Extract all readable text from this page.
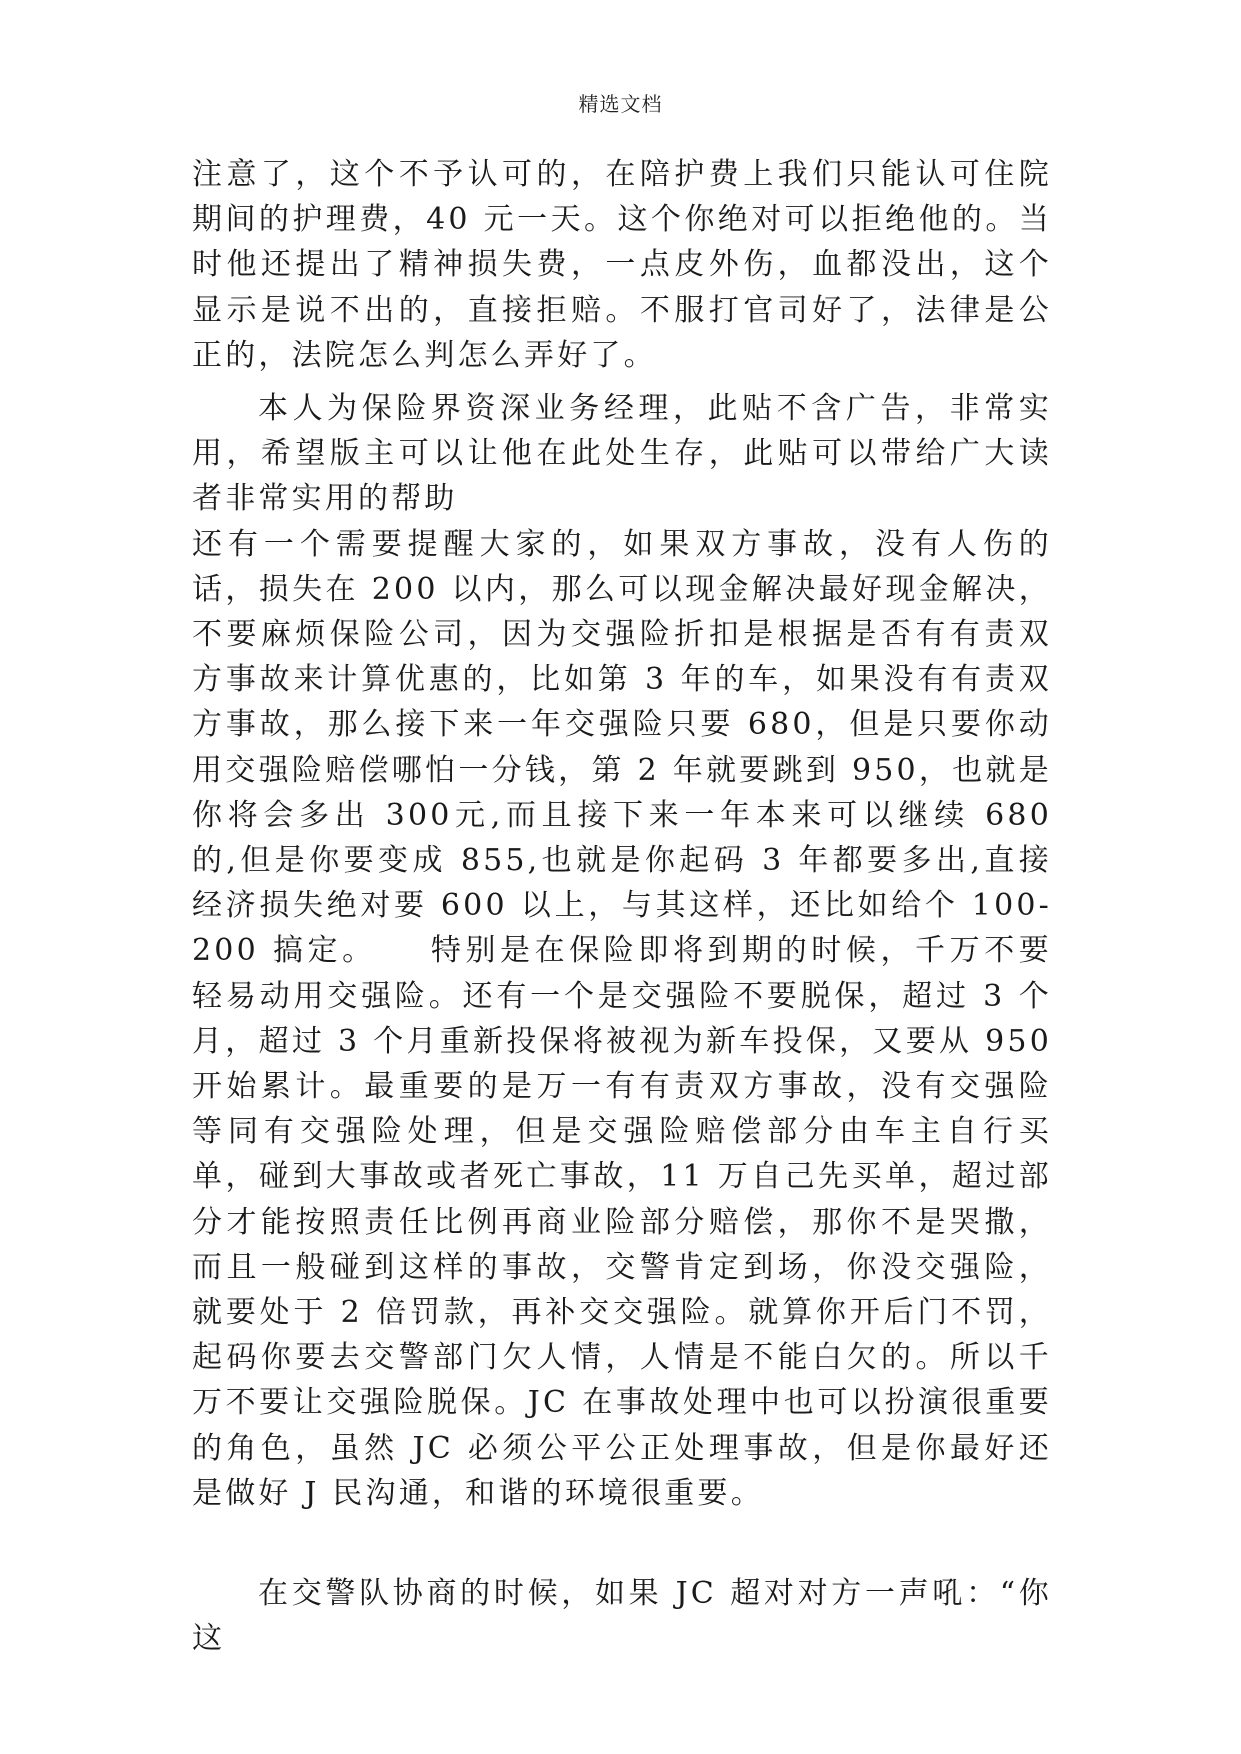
精选文档

注意了，这个不予认可的，在陪护费上我们只能认可住院期间的护理费，40 元一天。这个你绝对可以拒绝他的。当时他还提出了精神损失费，一点皮外伤，血都没出，这个显示是说不出的，直接拒赔。不服打官司好了，法律是公正的，法院怎么判怎么弄好了。

本人为保险界资深业务经理，此贴不含广告，非常实用，希望版主可以让他在此处生存，此贴可以带给广大读者非常实用的帮助

还有一个需要提醒大家的，如果双方事故，没有人伤的话，损失在 200 以内，那么可以现金解决最好现金解决，不要麻烦保险公司，因为交强险折扣是根据是否有有责双方事故来计算优惠的，比如第 3 年的车，如果没有有责双方事故，那么接下来一年交强险只要 680，但是只要你动用交强险赔偿哪怕一分钱，第 2 年就要跳到 950，也就是你将会多出 300元,而且接下来一年本来可以继续 680 的,但是你要变成 855,也就是你起码 3 年都要多出,直接经济损失绝对要 600 以上，与其这样，还比如给个 100-200 搞定。　　特别是在保险即将到期的时候，千万不要轻易动用交强险。还有一个是交强险不要脱保，超过 3 个月，超过 3 个月重新投保将被视为新车投保，又要从 950 开始累计。最重要的是万一有有责双方事故，没有交强险等同有交强险处理，但是交强险赔偿部分由车主自行买单，碰到大事故或者死亡事故，11 万自己先买单，超过部分才能按照责任比例再商业险部分赔偿，那你不是哭撒，而且一般碰到这样的事故，交警肯定到场，你没交强险，就要处于 2 倍罚款，再补交交强险。就算你开后门不罚，起码你要去交警部门欠人情，人情是不能白欠的。所以千万不要让交强险脱保。JC 在事故处理中也可以扮演很重要的角色，虽然 JC 必须公平公正处理事故，但是你最好还是做好 J 民沟通，和谐的环境很重要。

在交警队协商的时候，如果 JC 超对对方一声吼：“你这
